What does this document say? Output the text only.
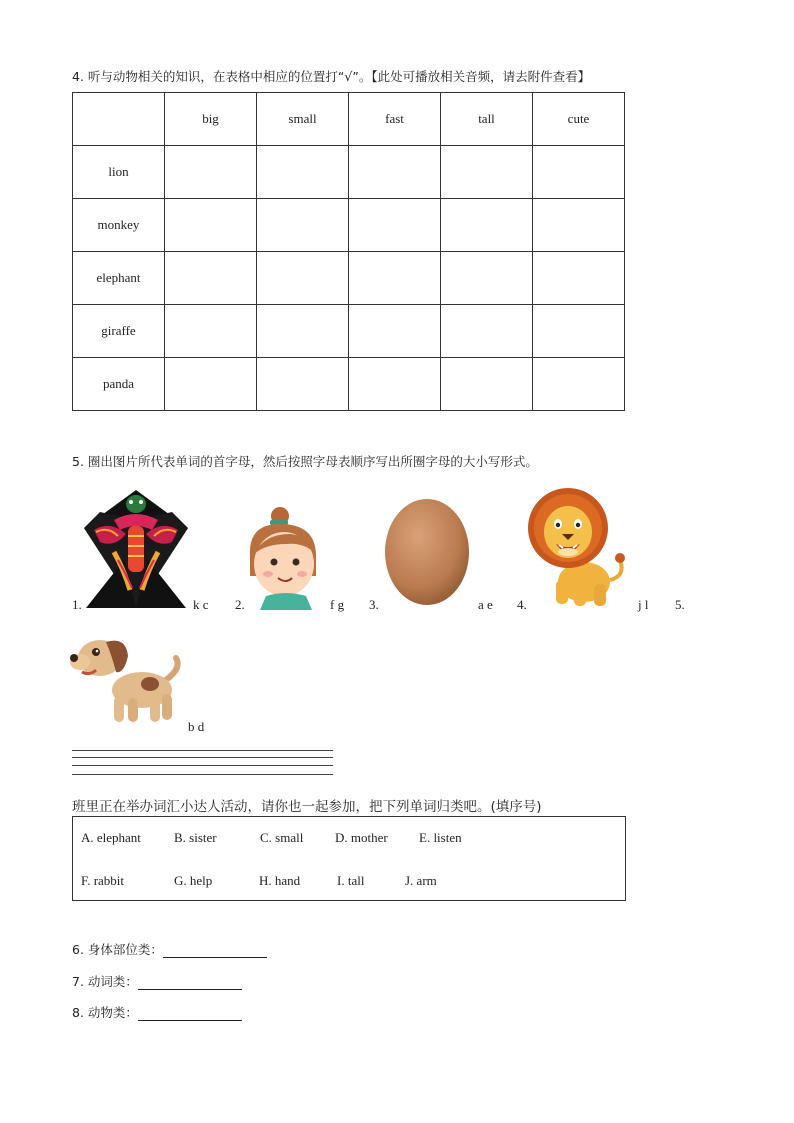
4. 听与动物相关的知识，在表格中相应的位置打“√”。【此处可播放相关音频，请去附件查看】
	big	small	fast	tall	cute
lion					
monkey					
elephant					
giraffe					
panda					
5. 圈出图片所代表单词的首字母，然后按照字母表顺序写出所圈字母的大小写形式。
1.	k c 2.	f g 3.	a e 4.	j l 5.
b d
班里正在举办词汇小达人活动，请你也一起参加，把下列单词归类吧。(填序号)
A. elephant	B. sister	C. small D. mother E. listen
F. rabbit	G. help	H. hand	I. tall	J. arm
6. 身体部位类：
7. 动词类：
8. 动物类：
